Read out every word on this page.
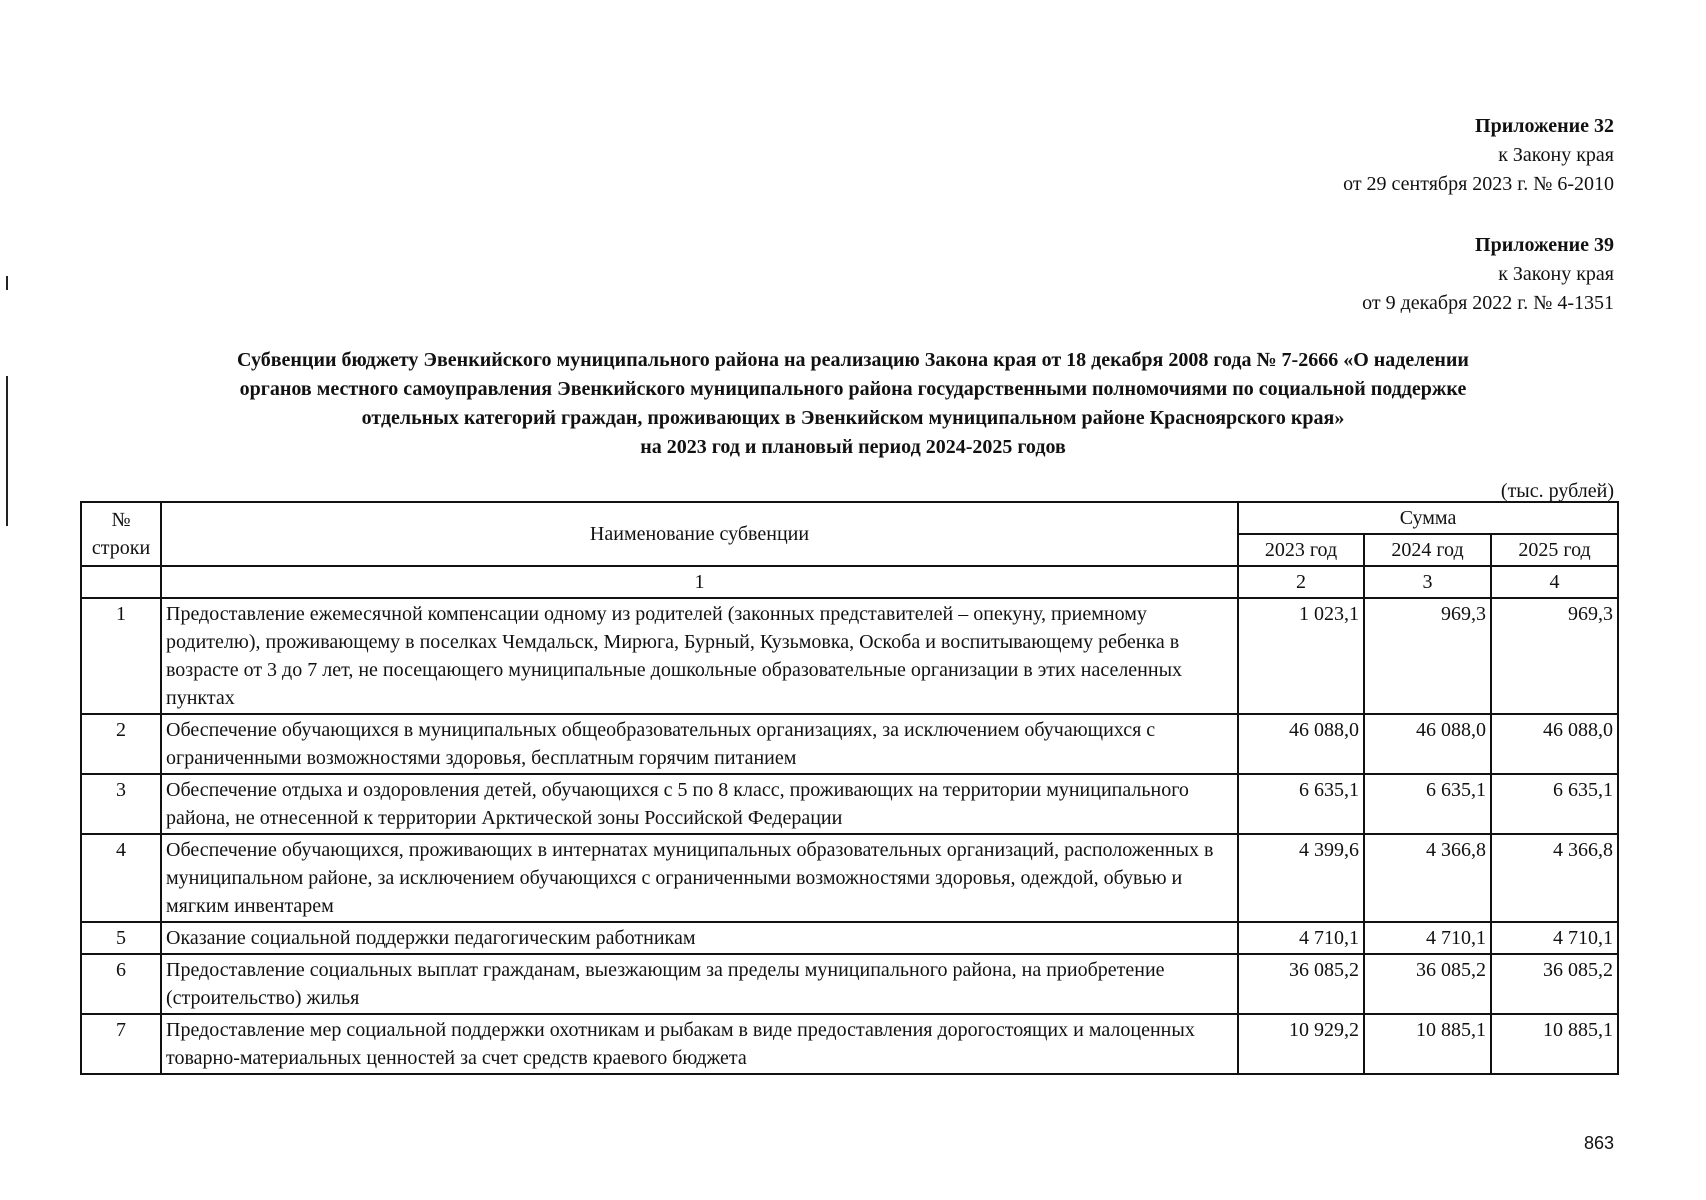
Приложение 32
к Закону края
от 29 сентября 2023 г. № 6-2010
Приложение 39
к Закону края
от 9 декабря 2022 г. № 4-1351
Субвенции бюджету Эвенкийского муниципального района на реализацию Закона края от 18 декабря 2008 года № 7-2666 «О наделении
органов местного самоуправления Эвенкийского муниципального района государственными полномочиями по социальной поддержке
отдельных категорий граждан, проживающих в Эвенкийском муниципальном районе Красноярского края»
на 2023 год и плановый период 2024-2025 годов
(тыс. рублей)
№
строки	Наименование субвенции	Сумма		
		2023 год	2024 год	2025 год
	1	2	3	4
1	Предоставление ежемесячной компенсации одному из родителей (законных представителей – опекуну, приемному родителю), проживающему в поселках Чемдальск, Мирюга, Бурный, Кузьмовка, Оскоба и воспитывающему ребенка в возрасте от 3 до 7 лет, не посещающего муниципальные дошкольные образовательные организации в этих населенных пунктах	1 023,1	969,3	969,3
2	Обеспечение обучающихся в муниципальных общеобразовательных организациях, за исключением обучающихся с ограниченными возможностями здоровья, бесплатным горячим питанием	46 088,0	46 088,0	46 088,0
3	Обеспечение отдыха и оздоровления детей, обучающихся с 5 по 8 класс, проживающих на территории муниципального района, не отнесенной к территории Арктической зоны Российской Федерации	6 635,1	6 635,1	6 635,1
4	Обеспечение обучающихся, проживающих в интернатах муниципальных образовательных организаций, расположенных в муниципальном районе, за исключением обучающихся с ограниченными возможностями здоровья, одеждой, обувью и мягким инвентарем	4 399,6	4 366,8	4 366,8
5	Оказание социальной поддержки педагогическим работникам	4 710,1	4 710,1	4 710,1
6	Предоставление социальных выплат гражданам, выезжающим за пределы муниципального района, на приобретение (строительство) жилья	36 085,2	36 085,2	36 085,2
7	Предоставление мер социальной поддержки охотникам и рыбакам в виде предоставления дорогостоящих и малоценных товарно-материальных ценностей за счет средств краевого бюджета	10 929,2	10 885,1	10 885,1
863
